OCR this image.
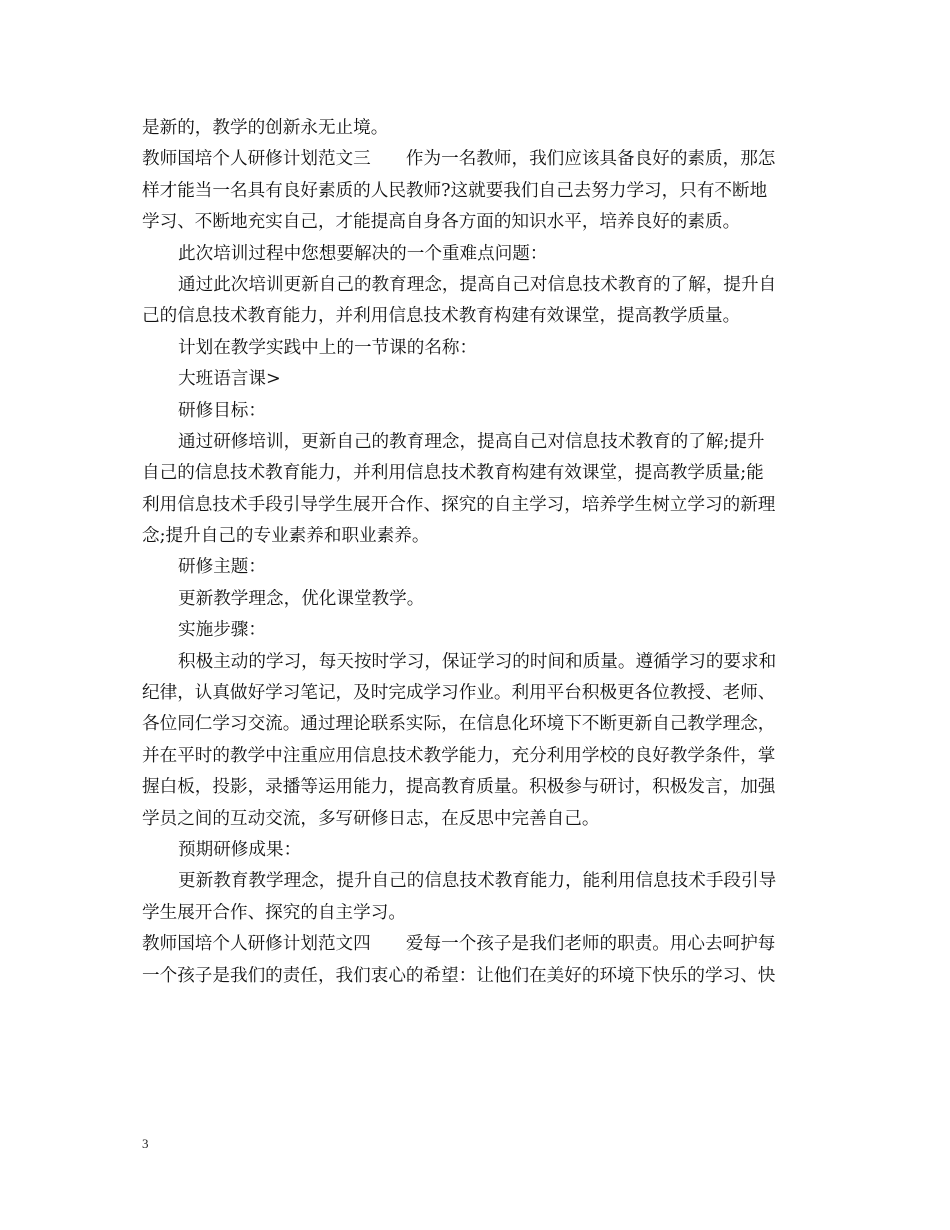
是新的，教学的创新永无止境。
教师国培个人研修计划范文三　　作为一名教师，我们应该具备良好的素质，那怎
样才能当一名具有良好素质的人民教师?这就要我们自己去努力学习，只有不断地
学习、不断地充实自己，才能提高自身各方面的知识水平，培养良好的素质。
此次培训过程中您想要解决的一个重难点问题：
通过此次培训更新自己的教育理念，提高自己对信息技术教育的了解，提升自
己的信息技术教育能力，并利用信息技术教育构建有效课堂，提高教学质量。
计划在教学实践中上的一节课的名称：
大班语言课>
研修目标：
通过研修培训，更新自己的教育理念，提高自己对信息技术教育的了解;提升
自己的信息技术教育能力，并利用信息技术教育构建有效课堂，提高教学质量;能
利用信息技术手段引导学生展开合作、探究的自主学习，培养学生树立学习的新理
念;提升自己的专业素养和职业素养。
研修主题：
更新教学理念，优化课堂教学。
实施步骤：
积极主动的学习，每天按时学习，保证学习的时间和质量。遵循学习的要求和
纪律，认真做好学习笔记，及时完成学习作业。利用平台积极更各位教授、老师、
各位同仁学习交流。通过理论联系实际，在信息化环境下不断更新自己教学理念，
并在平时的教学中注重应用信息技术教学能力，充分利用学校的良好教学条件，掌
握白板，投影，录播等运用能力，提高教育质量。积极参与研讨，积极发言，加强
学员之间的互动交流，多写研修日志，在反思中完善自己。
预期研修成果：
更新教育教学理念，提升自己的信息技术教育能力，能利用信息技术手段引导
学生展开合作、探究的自主学习。
教师国培个人研修计划范文四　　爱每一个孩子是我们老师的职责。用心去呵护每
一个孩子是我们的责任，我们衷心的希望：让他们在美好的环境下快乐的学习、快
3
